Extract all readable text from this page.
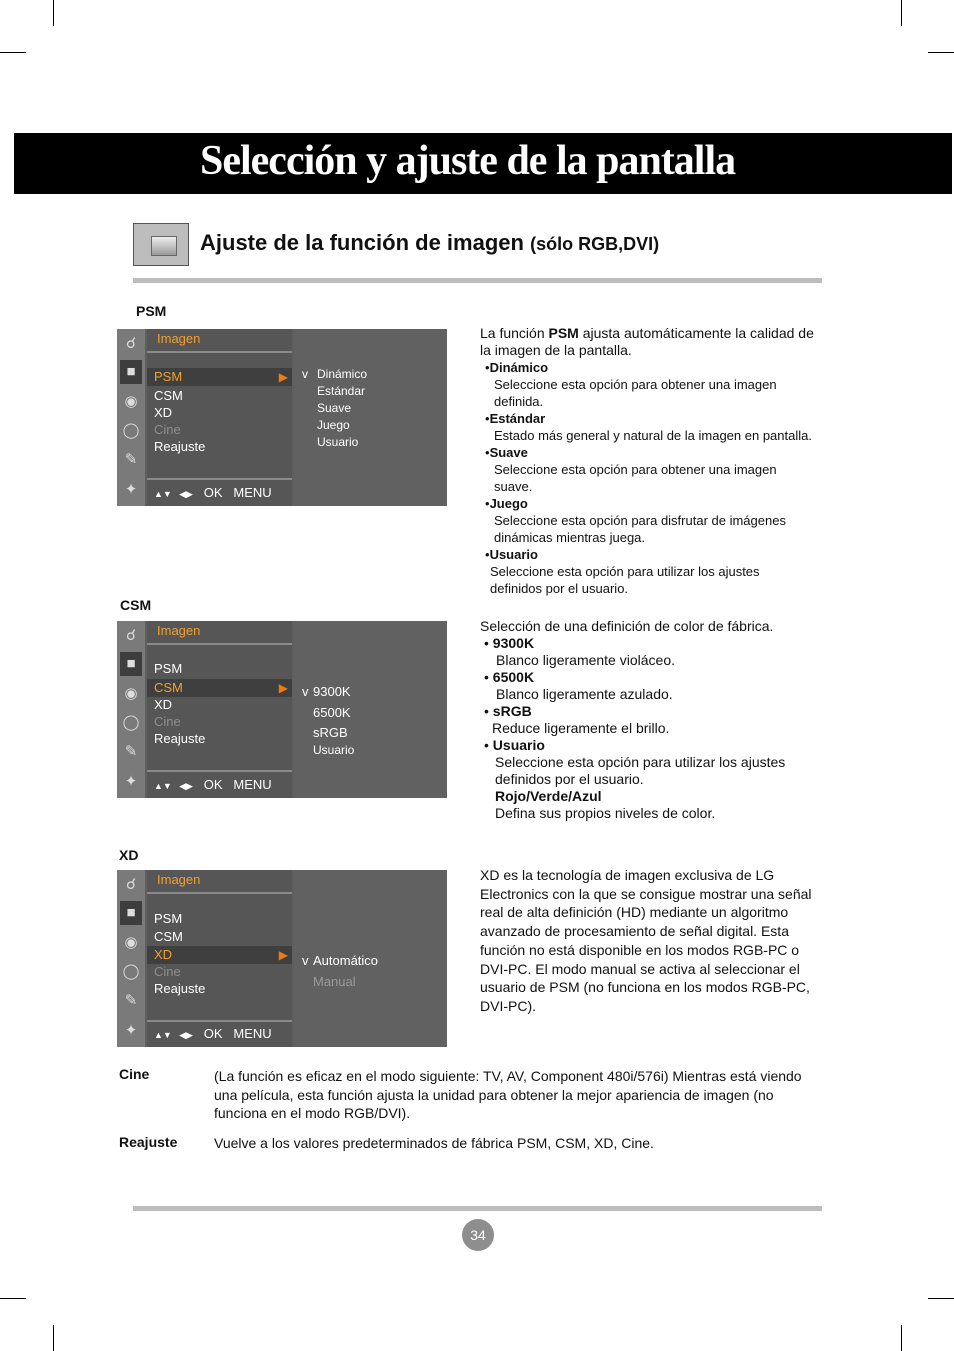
Selección y ajuste de la pantalla
Ajuste de la función de imagen (sólo RGB,DVI)
PSM
☌
■
◉
◯
✎
✦
Imagen
PSM	▶
CSM
XD
Cine
Reajuste
▲▼ ◀▶ OK MENU
v Dinámico
Estándar
Suave
Juego
Usuario
La función PSM ajusta automáticamente la calidad de
la imagen de la pantalla.
•Dinámico
Seleccione esta opción para obtener una imagen
definida.
•Estándar
Estado más general y natural de la imagen en pantalla.
•Suave
Seleccione esta opción para obtener una imagen
suave.
•Juego
Seleccione esta opción para disfrutar de imágenes
dinámicas mientras juega.
•Usuario
Seleccione esta opción para utilizar los ajustes
definidos por el usuario.
CSM
☌
■
◉
◯
✎
✦
Imagen
PSM
CSM	▶
XD
Cine
Reajuste
▲▼ ◀▶ OK MENU
v 9300K
6500K
sRGB
Usuario
Selección de una definición de color de fábrica.
• 9300K
Blanco ligeramente violáceo.
• 6500K
Blanco ligeramente azulado.
• sRGB
Reduce ligeramente el brillo.
• Usuario
Seleccione esta opción para utilizar los ajustes
definidos por el usuario.
Rojo/Verde/Azul
Defina sus propios niveles de color.
XD
☌
■
◉
◯
✎
✦
Imagen
PSM
CSM
XD	▶
Cine
Reajuste
▲▼ ◀▶ OK MENU
v Automático
Manual
XD es la tecnología de imagen exclusiva de LG
Electronics con la que se consigue mostrar una señal
real de alta definición (HD) mediante un algoritmo
avanzado de procesamiento de señal digital. Esta
función no está disponible en los modos RGB-PC o
DVI-PC. El modo manual se activa al seleccionar el
usuario de PSM (no funciona en los modos RGB-PC,
DVI-PC).
Cine	(La función es eficaz en el modo siguiente: TV, AV, Component 480i/576i) Mientras está viendo
una película, esta función ajusta la unidad para obtener la mejor apariencia de imagen (no
funciona en el modo RGB/DVI).
Reajuste	Vuelve a los valores predeterminados de fábrica PSM, CSM, XD, Cine.
34
